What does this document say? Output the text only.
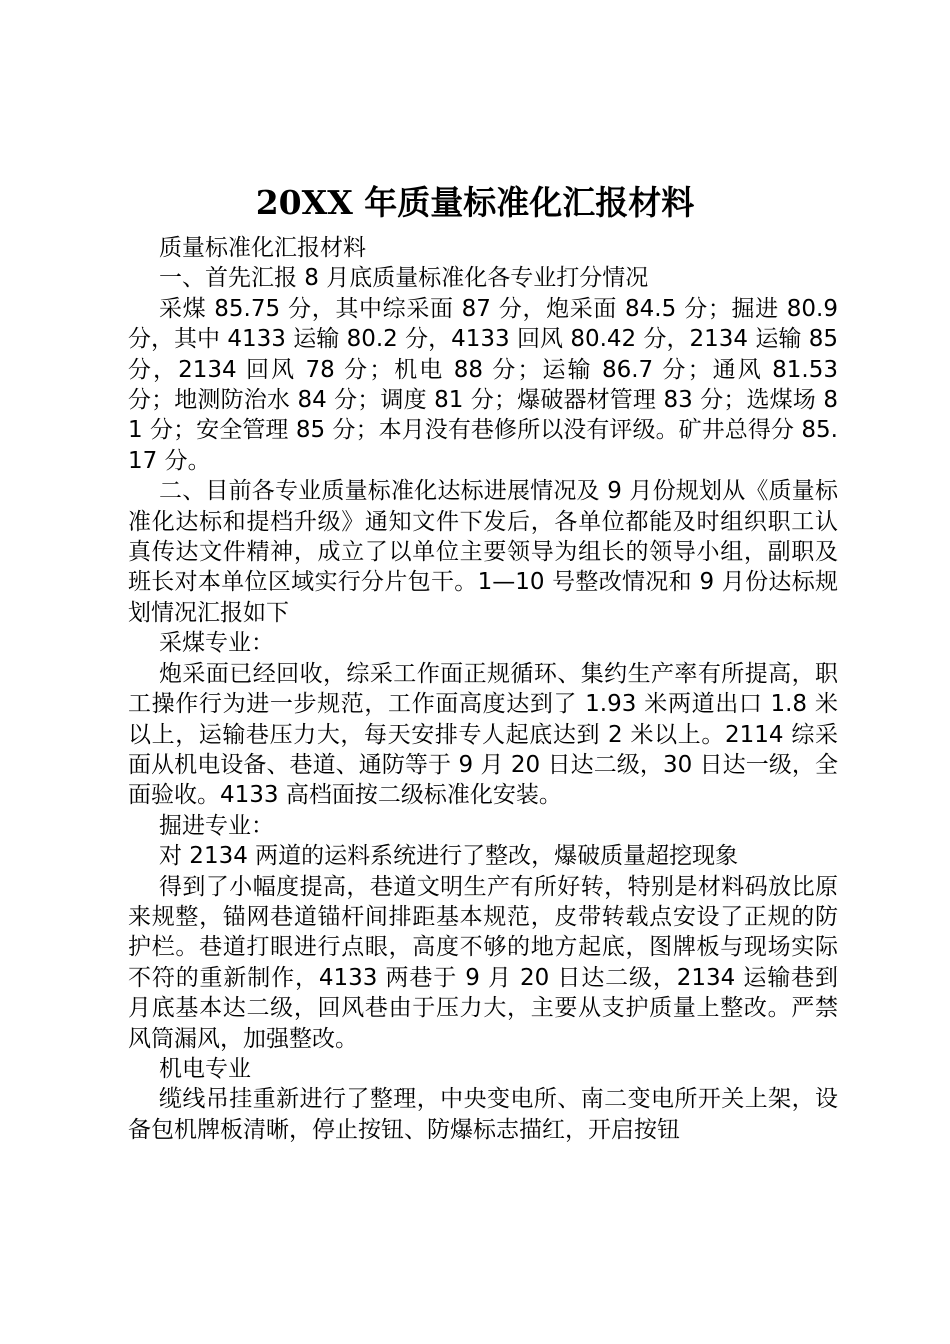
20XX 年质量标准化汇报材料

质量标准化汇报材料

一、首先汇报 8 月底质量标准化各专业打分情况

采煤 85.75 分，其中综采面 87 分，炮采面 84.5 分；掘进 80.9 分，其中 4133 运输 80.2 分，4133 回风 80.42 分，2134 运输 85 分，2134 回风 78 分；机电 88 分；运输 86.7 分；通风 81.53 分；地测防治水 84 分；调度 81 分；爆破器材管理 83 分；选煤场 81 分；安全管理 85 分；本月没有巷修所以没有评级。矿井总得分 85.17 分。

二、目前各专业质量标准化达标进展情况及 9 月份规划从《质量标准化达标和提档升级》通知文件下发后，各单位都能及时组织职工认真传达文件精神，成立了以单位主要领导为组长的领导小组，副职及班长对本单位区域实行分片包干。1—10 号整改情况和 9 月份达标规划情况汇报如下

采煤专业：

炮采面已经回收，综采工作面正规循环、集约生产率有所提高，职工操作行为进一步规范，工作面高度达到了 1.93 米两道出口 1.8 米以上，运输巷压力大，每天安排专人起底达到 2 米以上。2114 综采面从机电设备、巷道、通防等于 9 月 20 日达二级，30 日达一级，全面验收。4133 高档面按二级标准化安装。

掘进专业：

对 2134 两道的运料系统进行了整改，爆破质量超挖现象

得到了小幅度提高，巷道文明生产有所好转，特别是材料码放比原来规整，锚网巷道锚杆间排距基本规范，皮带转载点安设了正规的防护栏。巷道打眼进行点眼，高度不够的地方起底，图牌板与现场实际不符的重新制作，4133 两巷于 9 月 20 日达二级，2134 运输巷到月底基本达二级，回风巷由于压力大，主要从支护质量上整改。严禁风筒漏风，加强整改。

机电专业

缆线吊挂重新进行了整理，中央变电所、南二变电所开关上架，设备包机牌板清晰，停止按钮、防爆标志描红，开启按钮
